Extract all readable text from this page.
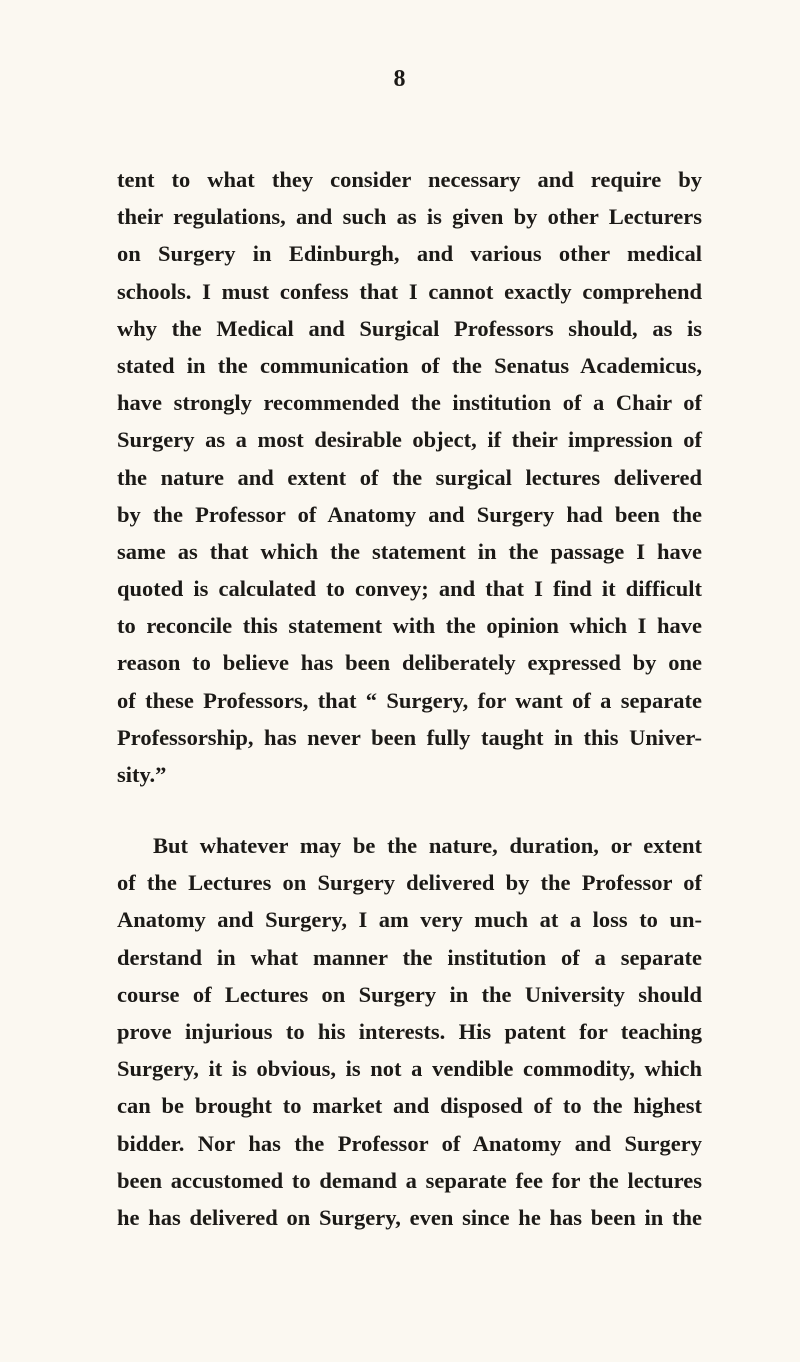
8
tent to what they consider necessary and require by
their regulations, and such as is given by other Lecturers
on Surgery in Edinburgh, and various other medical
schools. I must confess that I cannot exactly comprehend
why the Medical and Surgical Professors should, as is
stated in the communication of the Senatus Academicus,
have strongly recommended the institution of a Chair of
Surgery as a most desirable object, if their impression of
the nature and extent of the surgical lectures delivered
by the Professor of Anatomy and Surgery had been the
same as that which the statement in the passage I have
quoted is calculated to convey; and that I find it difficult
to reconcile this statement with the opinion which I have
reason to believe has been deliberately expressed by one
of these Professors, that “ Surgery, for want of a separate
Professorship, has never been fully taught in this Univer-
sity.”
But whatever may be the nature, duration, or extent
of the Lectures on Surgery delivered by the Professor of
Anatomy and Surgery, I am very much at a loss to un-
derstand in what manner the institution of a separate
course of Lectures on Surgery in the University should
prove injurious to his interests. His patent for teaching
Surgery, it is obvious, is not a vendible commodity, which
can be brought to market and disposed of to the highest
bidder. Nor has the Professor of Anatomy and Surgery
been accustomed to demand a separate fee for the lectures
he has delivered on Surgery, even since he has been in the
